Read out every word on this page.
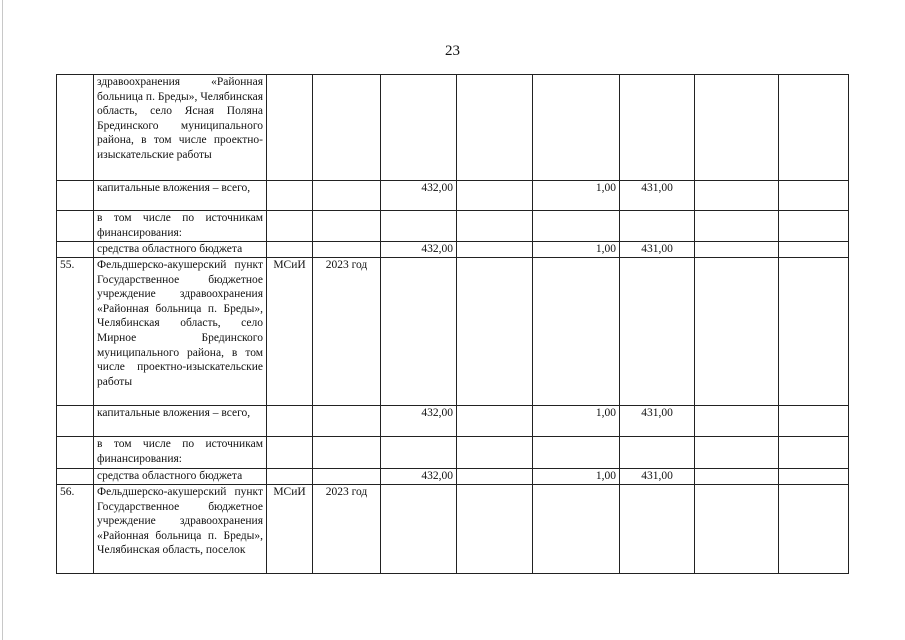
23
	здравоохранения «Районная больница п. Бреды», Челябинская область, село Ясная Поляна Брединского муниципального района, в том числе проектно-изыскательские работы								
	капитальные вложения – всего,			432,00		1,00	431,00		
	в том числе по источникам финансирования:								
	средства областного бюджета			432,00		1,00	431,00		
55.	Фельдшерско-акушерский пункт Государственное бюджетное учреждение здравоохранения «Районная больница п. Бреды», Челябинская область, село Мирное Брединского муниципального района, в том числе проектно-изыскательские работы	МСиИ	2023 год						
	капитальные вложения – всего,			432,00		1,00	431,00		
	в том числе по источникам финансирования:								
	средства областного бюджета			432,00		1,00	431,00		
56.	Фельдшерско-акушерский пункт Государственное бюджетное учреждение здравоохранения «Районная больница п. Бреды», Челябинская область, поселок	МСиИ	2023 год						
